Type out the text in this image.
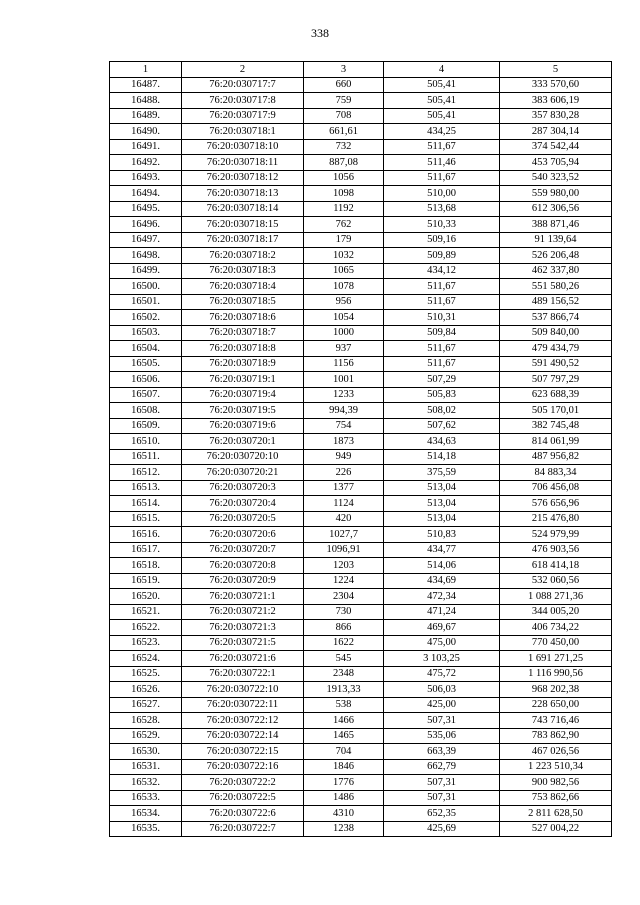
338
1	2	3	4	5
16487.	76:20:030717:7	660	505,41	333 570,60
16488.	76:20:030717:8	759	505,41	383 606,19
16489.	76:20:030717:9	708	505,41	357 830,28
16490.	76:20:030718:1	661,61	434,25	287 304,14
16491.	76:20:030718:10	732	511,67	374 542,44
16492.	76:20:030718:11	887,08	511,46	453 705,94
16493.	76:20:030718:12	1056	511,67	540 323,52
16494.	76:20:030718:13	1098	510,00	559 980,00
16495.	76:20:030718:14	1192	513,68	612 306,56
16496.	76:20:030718:15	762	510,33	388 871,46
16497.	76:20:030718:17	179	509,16	91 139,64
16498.	76:20:030718:2	1032	509,89	526 206,48
16499.	76:20:030718:3	1065	434,12	462 337,80
16500.	76:20:030718:4	1078	511,67	551 580,26
16501.	76:20:030718:5	956	511,67	489 156,52
16502.	76:20:030718:6	1054	510,31	537 866,74
16503.	76:20:030718:7	1000	509,84	509 840,00
16504.	76:20:030718:8	937	511,67	479 434,79
16505.	76:20:030718:9	1156	511,67	591 490,52
16506.	76:20:030719:1	1001	507,29	507 797,29
16507.	76:20:030719:4	1233	505,83	623 688,39
16508.	76:20:030719:5	994,39	508,02	505 170,01
16509.	76:20:030719:6	754	507,62	382 745,48
16510.	76:20:030720:1	1873	434,63	814 061,99
16511.	76:20:030720:10	949	514,18	487 956,82
16512.	76:20:030720:21	226	375,59	84 883,34
16513.	76:20:030720:3	1377	513,04	706 456,08
16514.	76:20:030720:4	1124	513,04	576 656,96
16515.	76:20:030720:5	420	513,04	215 476,80
16516.	76:20:030720:6	1027,7	510,83	524 979,99
16517.	76:20:030720:7	1096,91	434,77	476 903,56
16518.	76:20:030720:8	1203	514,06	618 414,18
16519.	76:20:030720:9	1224	434,69	532 060,56
16520.	76:20:030721:1	2304	472,34	1 088 271,36
16521.	76:20:030721:2	730	471,24	344 005,20
16522.	76:20:030721:3	866	469,67	406 734,22
16523.	76:20:030721:5	1622	475,00	770 450,00
16524.	76:20:030721:6	545	3 103,25	1 691 271,25
16525.	76:20:030722:1	2348	475,72	1 116 990,56
16526.	76:20:030722:10	1913,33	506,03	968 202,38
16527.	76:20:030722:11	538	425,00	228 650,00
16528.	76:20:030722:12	1466	507,31	743 716,46
16529.	76:20:030722:14	1465	535,06	783 862,90
16530.	76:20:030722:15	704	663,39	467 026,56
16531.	76:20:030722:16	1846	662,79	1 223 510,34
16532.	76:20:030722:2	1776	507,31	900 982,56
16533.	76:20:030722:5	1486	507,31	753 862,66
16534.	76:20:030722:6	4310	652,35	2 811 628,50
16535.	76:20:030722:7	1238	425,69	527 004,22
